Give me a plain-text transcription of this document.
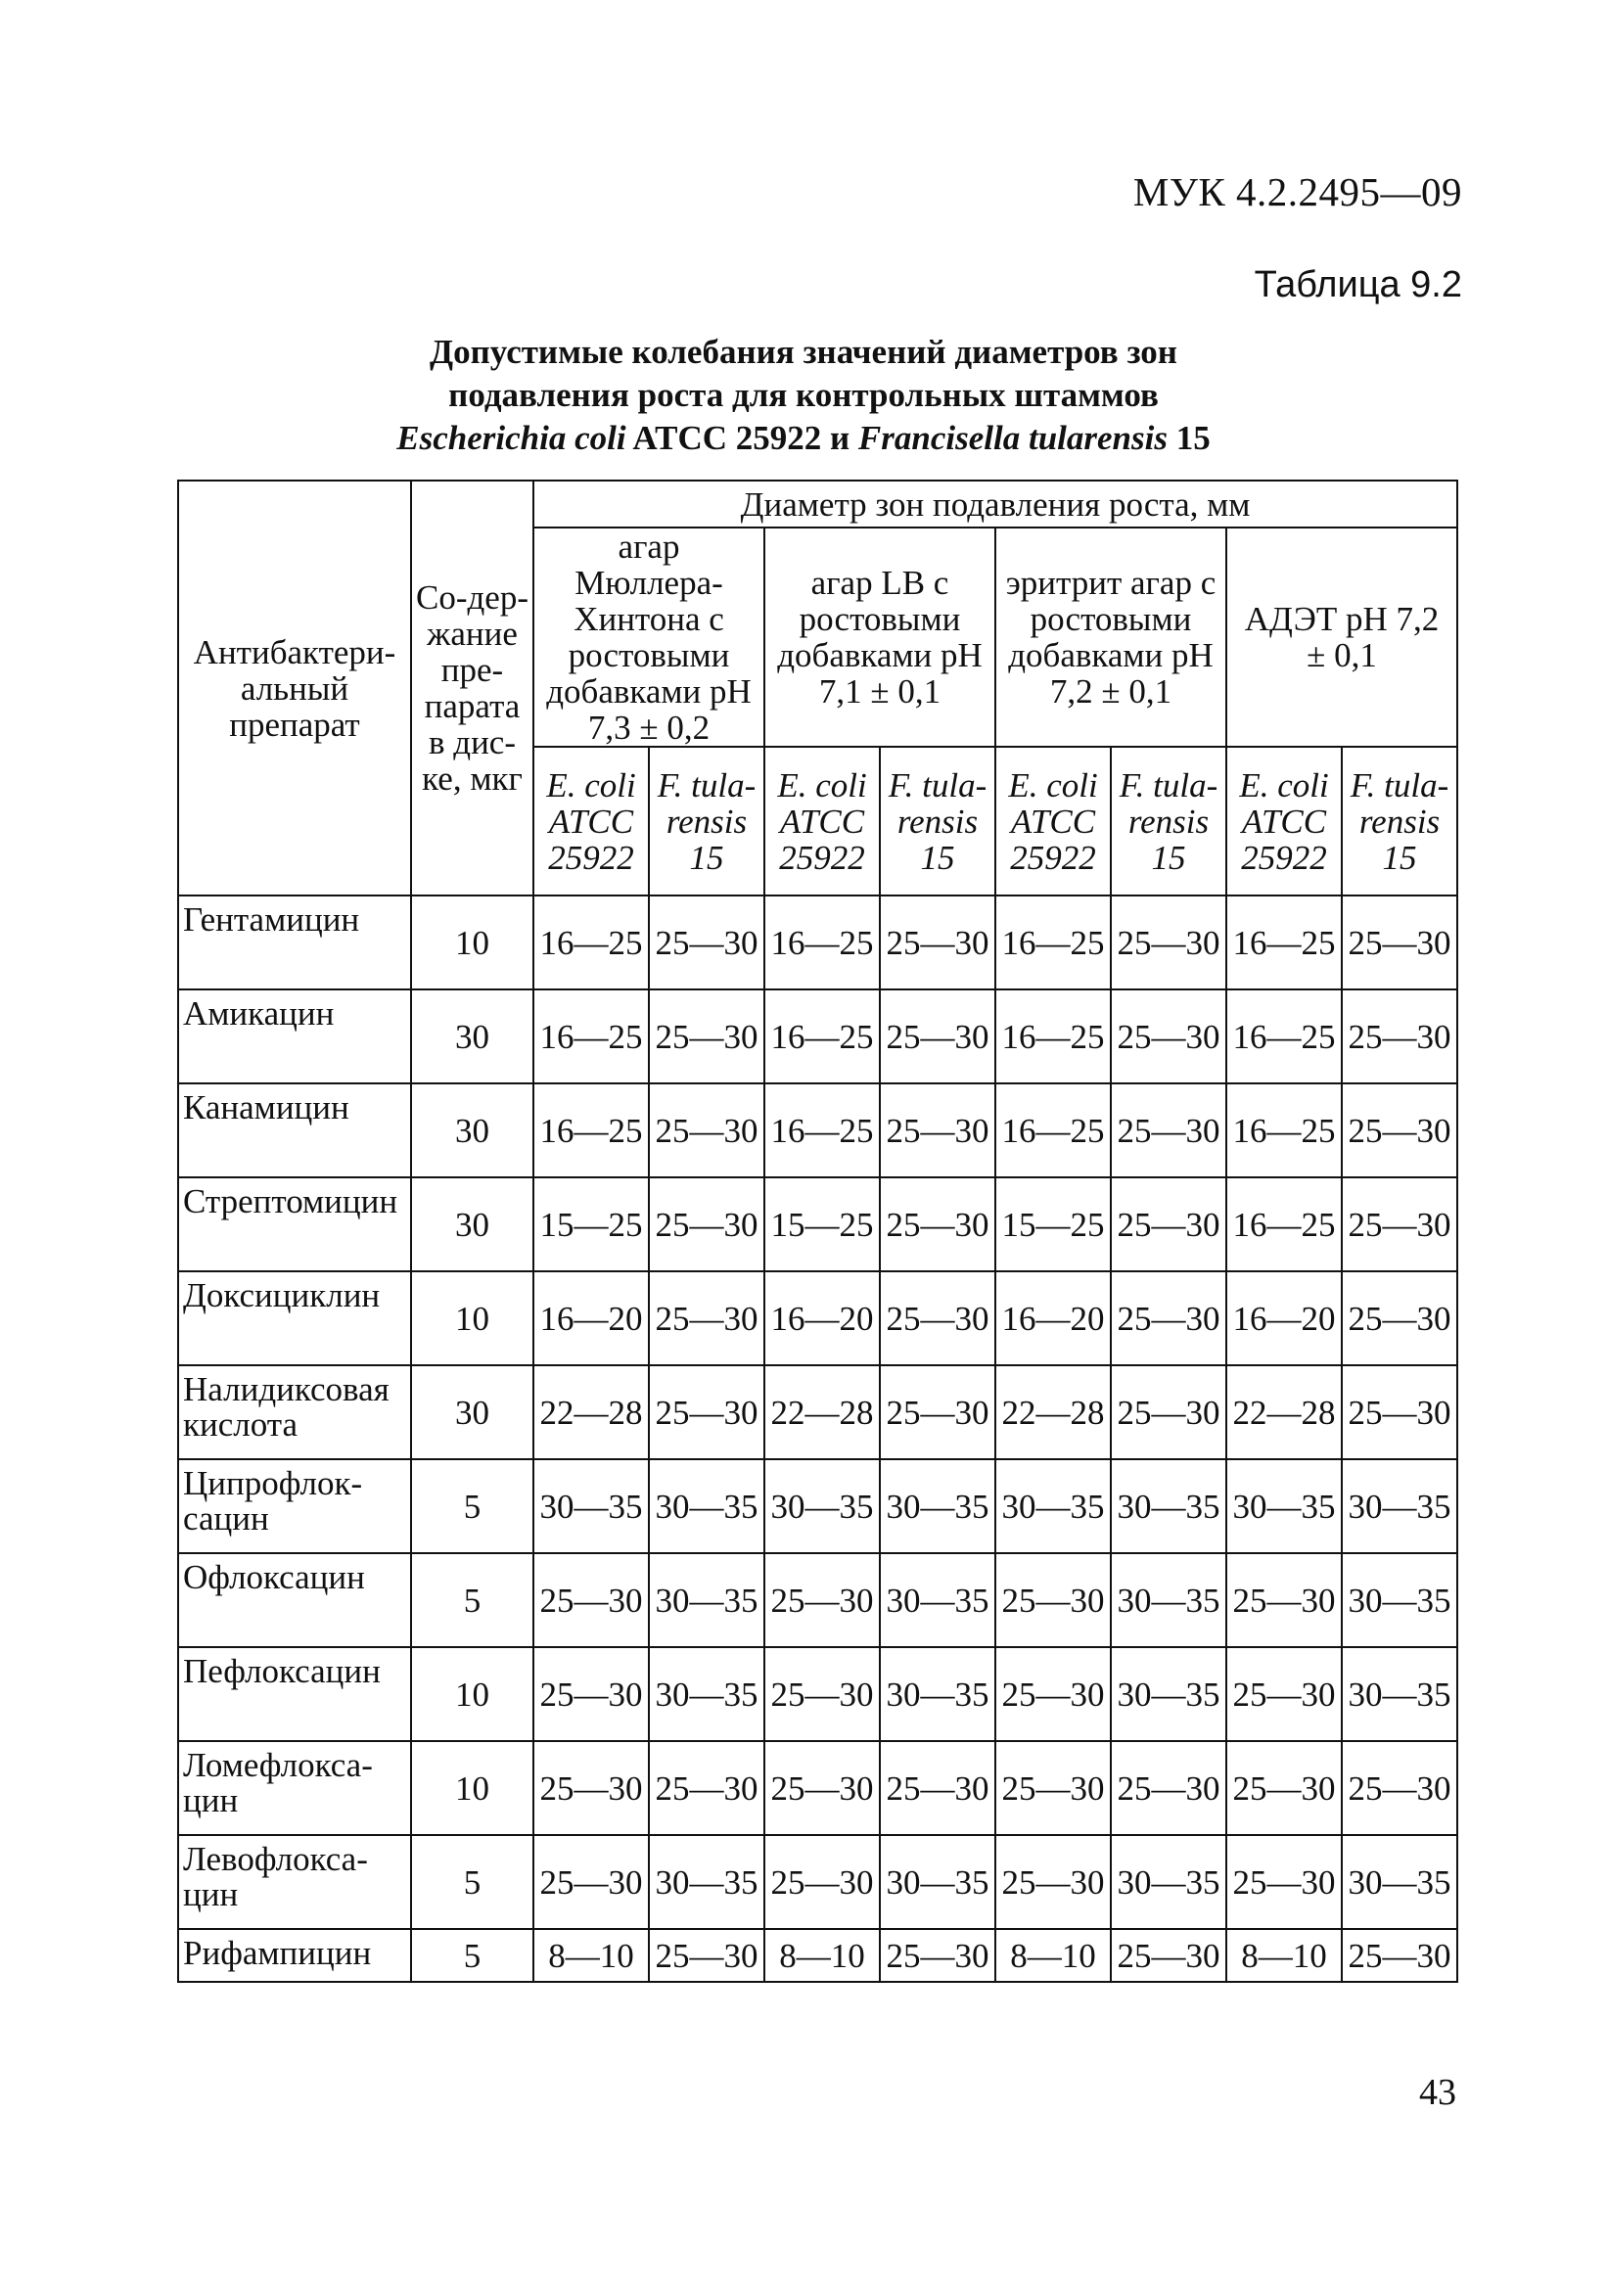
МУК 4.2.2495—09
Таблица 9.2
Допустимые колебания значений диаметров зон
подавления роста для контрольных штаммов
Escherichia coli ATCC 25922 и Francisella tularensis 15
Антибактери-альный препарат	Со-дер-жание пре-парата в дис-ке, мкг	Диаметр зон подавления роста, мм							
		агар Мюллера-Хинтона с ростовыми добавками pH 7,3 ± 0,2		агар LB с ростовыми добавками pH 7,1 ± 0,1		эритрит агар с ростовыми добавками pH 7,2 ± 0,1		АДЭТ pH 7,2 ± 0,1	
		E. coli ATCC 25922	F. tula-rensis 15	E. coli ATCC 25922	F. tula-rensis 15	E. coli ATCC 25922	F. tula-rensis 15	E. coli ATCC 25922	F. tula-rensis 15
Гентамицин	10	16—25	25—30	16—25	25—30	16—25	25—30	16—25	25—30
Амикацин	30	16—25	25—30	16—25	25—30	16—25	25—30	16—25	25—30
Канамицин	30	16—25	25—30	16—25	25—30	16—25	25—30	16—25	25—30
Стрептомицин	30	15—25	25—30	15—25	25—30	15—25	25—30	16—25	25—30
Доксициклин	10	16—20	25—30	16—20	25—30	16—20	25—30	16—20	25—30
Налидиксовая кислота	30	22—28	25—30	22—28	25—30	22—28	25—30	22—28	25—30
Ципрофлок-сацин	5	30—35	30—35	30—35	30—35	30—35	30—35	30—35	30—35
Офлоксацин	5	25—30	30—35	25—30	30—35	25—30	30—35	25—30	30—35
Пефлоксацин	10	25—30	30—35	25—30	30—35	25—30	30—35	25—30	30—35
Ломефлокса-цин	10	25—30	25—30	25—30	25—30	25—30	25—30	25—30	25—30
Левофлокса-цин	5	25—30	30—35	25—30	30—35	25—30	30—35	25—30	30—35
Рифампицин	5	8—10	25—30	8—10	25—30	8—10	25—30	8—10	25—30
43
